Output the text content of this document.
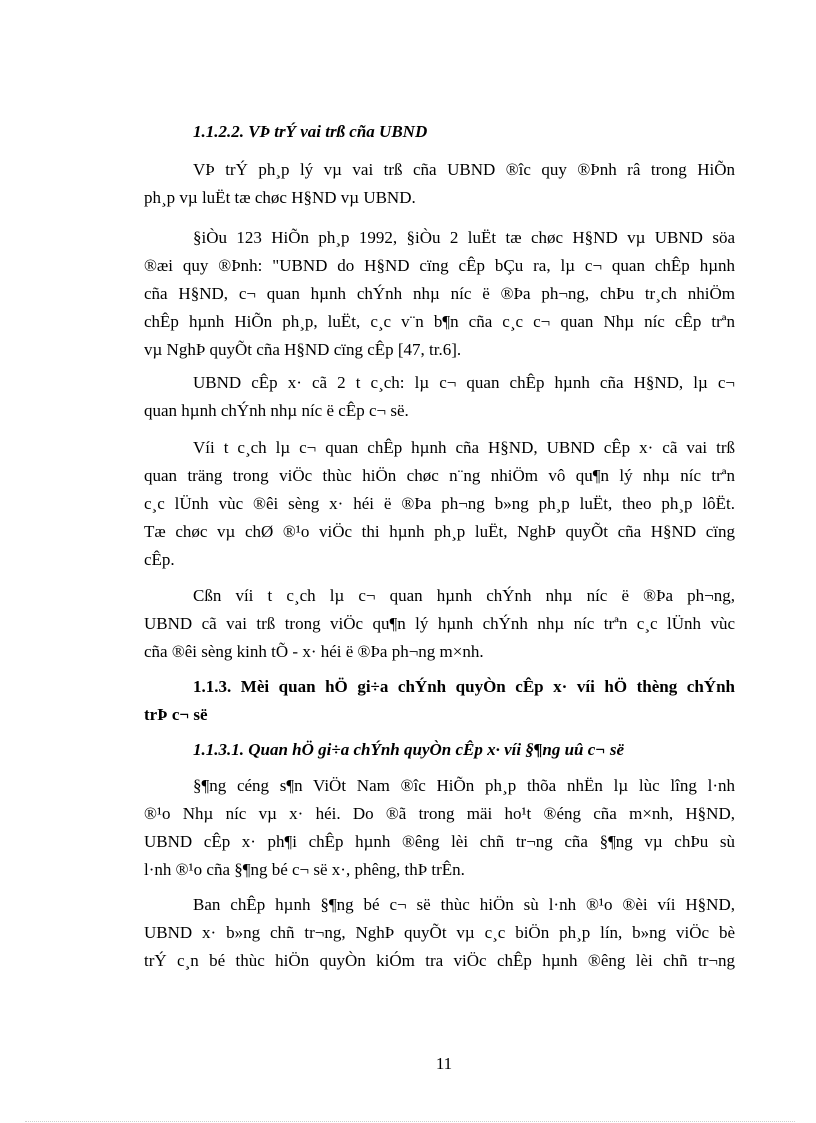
1.1.2.2. VÞ trÝ vai trß cña UBND
VÞ trÝ ph¸p lý vµ vai trß cña UBND ®îc quy ®Þnh râ trong HiÕn
ph¸p vµ luËt tæ chøc H§ND vµ UBND.
§iÒu 123 HiÕn ph¸p 1992, §iÒu 2 luËt tæ chøc H§ND vµ UBND söa
®æi quy ®Þnh: "UBND do H§ND cïng cÊp bÇu ra, lµ c¬ quan chÊp hµnh
cña H§ND, c¬ quan hµnh chÝnh nhµ níc ë ®Þa ph¬ng, chÞu tr¸ch nhiÖm
chÊp hµnh HiÕn ph¸p, luËt, c¸c v¨n b¶n cña c¸c c¬ quan Nhµ níc cÊp trªn
vµ NghÞ quyÕt cña H§ND cïng cÊp [47, tr.6].
UBND cÊp x· cã 2 t c¸ch: lµ c¬ quan chÊp hµnh cña H§ND, lµ c¬
quan hµnh chÝnh nhµ níc ë cÊp c¬ së.
Víi t c¸ch lµ c¬ quan chÊp hµnh cña H§ND, UBND cÊp x· cã vai trß
quan träng trong viÖc thùc hiÖn chøc n¨ng nhiÖm vô qu¶n lý nhµ níc trªn
c¸c lÜnh vùc ®êi sèng x· héi ë ®Þa ph¬ng b»ng ph¸p luËt, theo ph¸p lôËt.
Tæ chøc vµ chØ ®¹o viÖc thi hµnh ph¸p luËt, NghÞ quyÕt cña H§ND cïng
cÊp.
Cßn víi t c¸ch lµ c¬ quan hµnh chÝnh nhµ níc ë ®Þa ph¬ng,
UBND cã vai trß trong viÖc qu¶n lý hµnh chÝnh nhµ níc trªn c¸c lÜnh vùc
cña ®êi sèng kinh tÕ - x· héi ë ®Þa ph¬ng m×nh.
1.1.3. Mèi quan hÖ gi÷a chÝnh quyÒn cÊp x· víi hÖ thèng chÝnh
trÞ c¬ së
1.1.3.1. Quan hÖ gi÷a chÝnh quyÒn cÊp x· víi §¶ng uû c¬ së
§¶ng céng s¶n ViÖt Nam ®îc HiÕn ph¸p thõa nhËn lµ lùc lîng l·nh
®¹o Nhµ níc vµ x· héi. Do ®ã trong mäi ho¹t ®éng cña m×nh, H§ND,
UBND cÊp x· ph¶i chÊp hµnh ®êng lèi chñ tr¬ng cña §¶ng vµ chÞu sù
l·nh ®¹o cña §¶ng bé c¬ së x·, phêng, thÞ trÊn.
Ban chÊp hµnh §¶ng bé c¬ së thùc hiÖn sù l·nh ®¹o ®èi víi H§ND,
UBND x· b»ng chñ tr¬ng, NghÞ quyÕt vµ c¸c biÖn ph¸p lín, b»ng viÖc bè
trÝ c¸n bé thùc hiÖn quyÒn kiÓm tra viÖc chÊp hµnh ®êng lèi chñ tr¬ng
11
